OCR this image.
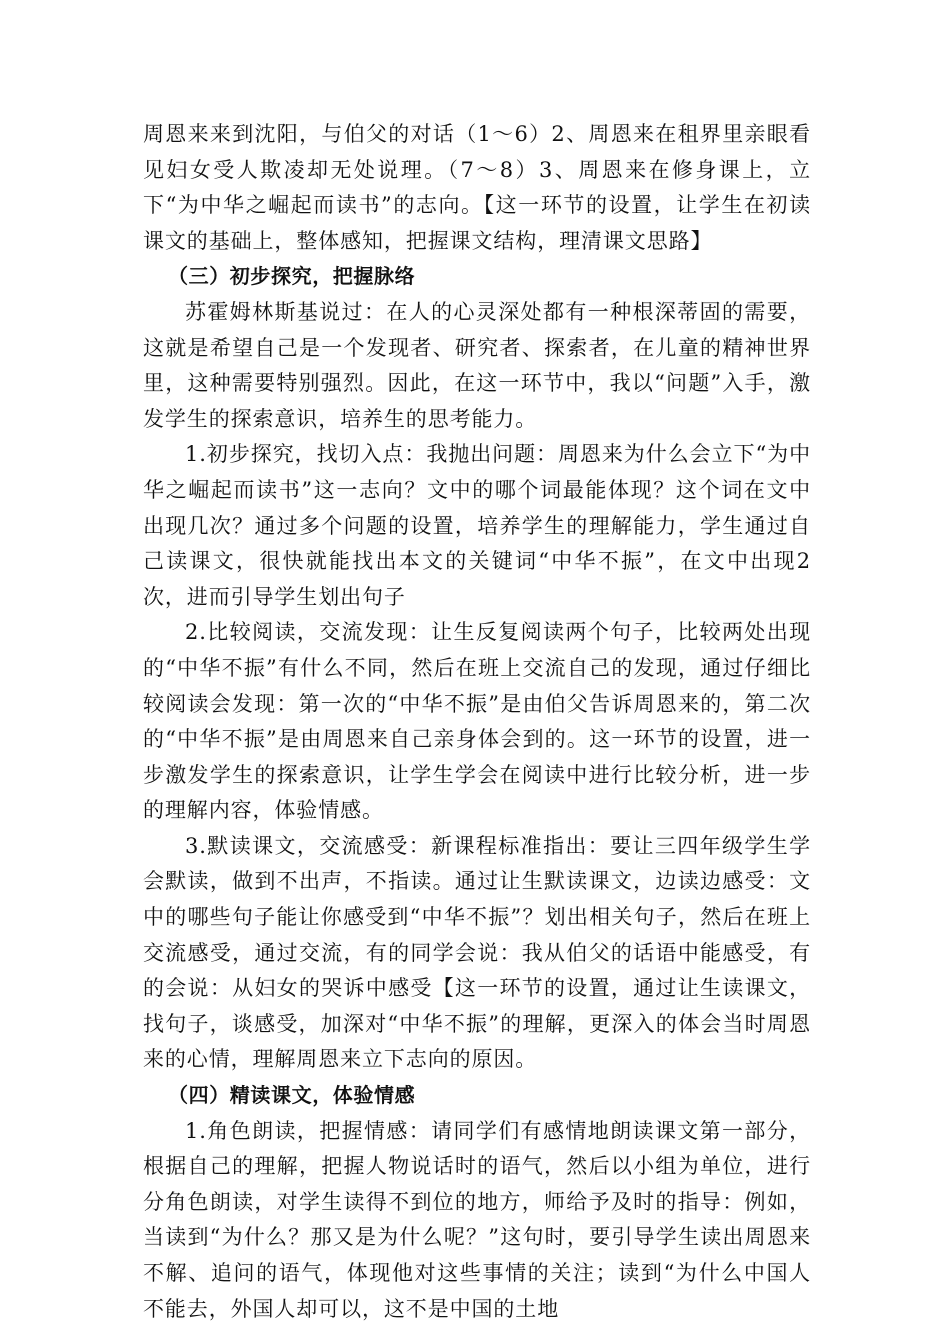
周恩来来到沈阳，与伯父的对话（1～6）2、周恩来在租界里亲眼看见妇女受人欺凌却无处说理。（7～8）3、周恩来在修身课上，立下“为中华之崛起而读书”的志向。【这一环节的设置，让学生在初读课文的基础上，整体感知，把握课文结构，理清课文思路】

（三）初步探究，把握脉络

苏霍姆林斯基说过：在人的心灵深处都有一种根深蒂固的需要，这就是希望自己是一个发现者、研究者、探索者，在儿童的精神世界里，这种需要特别强烈。因此，在这一环节中，我以“问题”入手，激发学生的探索意识，培养生的思考能力。

1.初步探究，找切入点：我抛出问题：周恩来为什么会立下“为中华之崛起而读书”这一志向？文中的哪个词最能体现？这个词在文中出现几次？通过多个问题的设置，培养学生的理解能力，学生通过自己读课文，很快就能找出本文的关键词“中华不振”，在文中出现2次，进而引导学生划出句子

2.比较阅读，交流发现：让生反复阅读两个句子，比较两处出现的“中华不振”有什么不同，然后在班上交流自己的发现，通过仔细比较阅读会发现：第一次的“中华不振”是由伯父告诉周恩来的，第二次的“中华不振”是由周恩来自己亲身体会到的。这一环节的设置，进一步激发学生的探索意识，让学生学会在阅读中进行比较分析，进一步的理解内容，体验情感。

3.默读课文，交流感受：新课程标准指出：要让三四年级学生学会默读，做到不出声，不指读。通过让生默读课文，边读边感受：文中的哪些句子能让你感受到“中华不振”？划出相关句子，然后在班上交流感受，通过交流，有的同学会说：我从伯父的话语中能感受，有的会说：从妇女的哭诉中感受【这一环节的设置，通过让生读课文，找句子，谈感受，加深对“中华不振”的理解，更深入的体会当时周恩来的心情，理解周恩来立下志向的原因。

（四）精读课文，体验情感

1.角色朗读，把握情感：请同学们有感情地朗读课文第一部分，根据自己的理解，把握人物说话时的语气，然后以小组为单位，进行分角色朗读，对学生读得不到位的地方，师给予及时的指导：例如，当读到“为什么？那又是为什么呢？”这句时，要引导学生读出周恩来不解、追问的语气，体现他对这些事情的关注；读到“为什么中国人不能去，外国人却可以，这不是中国的土地
